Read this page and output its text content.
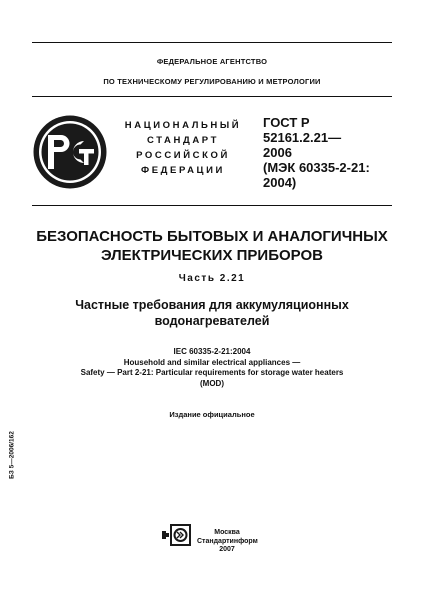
ФЕДЕРАЛЬНОЕ АГЕНТСТВО
ПО ТЕХНИЧЕСКОМУ РЕГУЛИРОВАНИЮ И МЕТРОЛОГИИ
НАЦИОНАЛЬНЫЙ
СТАНДАРТ
РОССИЙСКОЙ
ФЕДЕРАЦИИ
ГОСТ Р
52161.2.21—
2006
(МЭК 60335-2-21:
2004)
БЕЗОПАСНОСТЬ БЫТОВЫХ И АНАЛОГИЧНЫХ
ЭЛЕКТРИЧЕСКИХ ПРИБОРОВ
Часть 2.21
Частные требования для аккумуляционных
водонагревателей
IEC 60335-2-21:2004
Household and similar electrical appliances —
Safety — Part 2-21: Particular requirements for storage water heaters
(MOD)
Издание официальное
БЗ 5—2006/162
Москва
Стандартинформ
2007
